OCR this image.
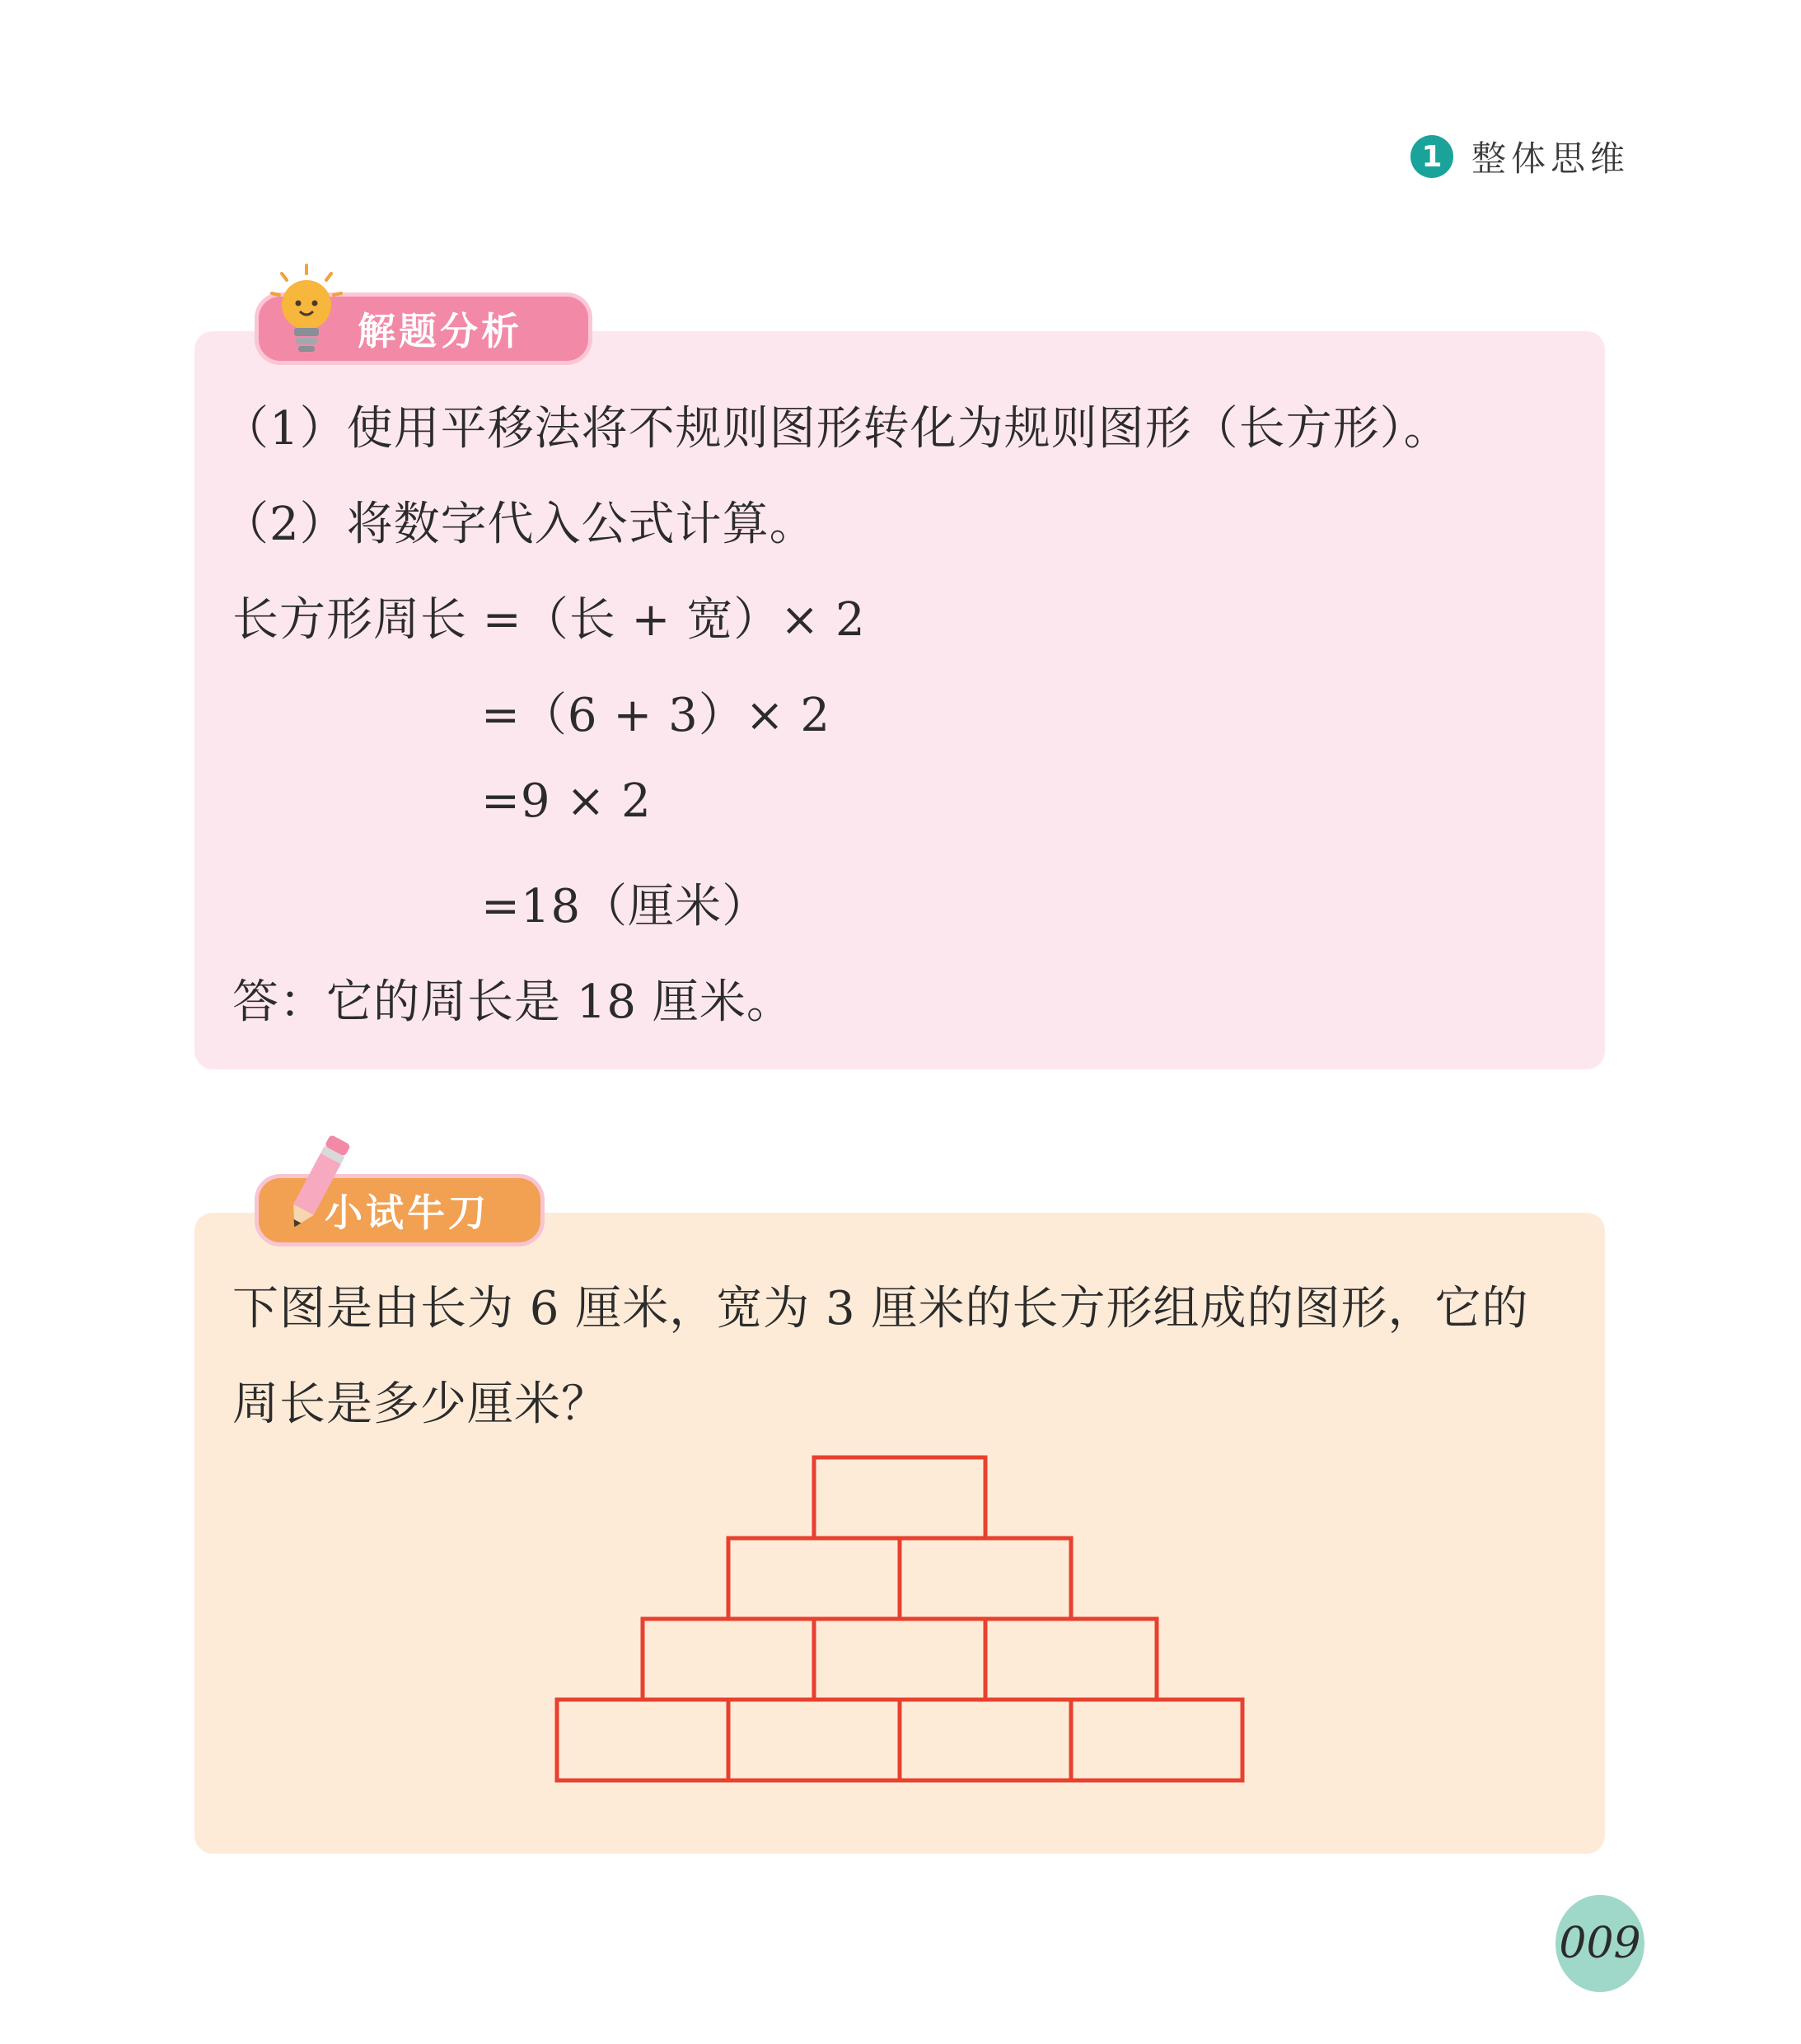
1 整体思维
解题分析
（1）使用平移法将不规则图形转化为规则图形（长方形）。
（2）将数字代入公式计算。
长方形周长 =（长 + 宽）× 2
=（6 + 3）× 2
=9 × 2
=18（厘米）
答：它的周长是 18 厘米。
小试牛刀
下图是由长为 6 厘米，宽为 3 厘米的长方形组成的图形，它的
周长是多少厘米？
009
